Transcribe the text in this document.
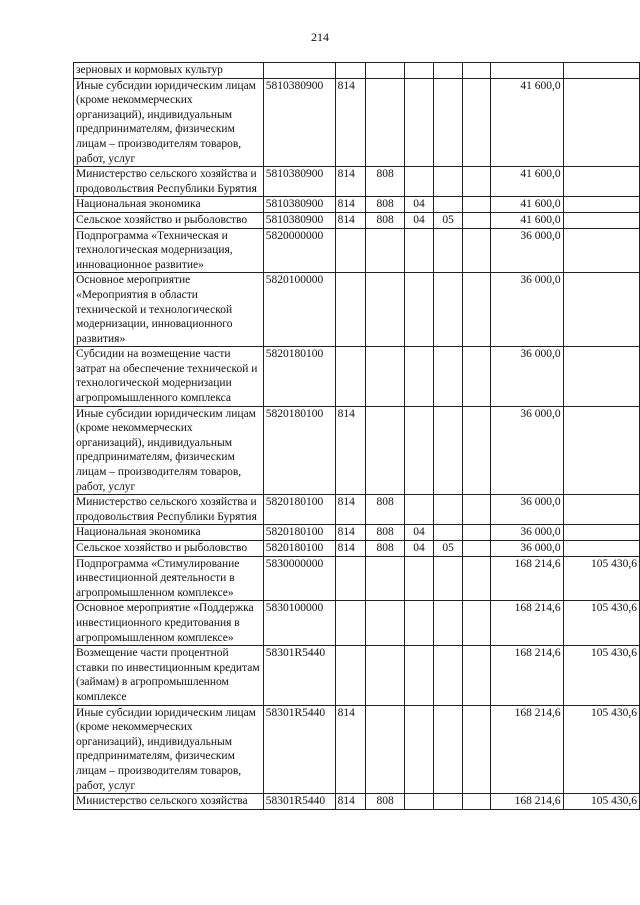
214
зерновых и кормовых культур								
Иные субсидии юридическим лицам (кроме некоммерческих организаций), индивидуальным предпринимателям, физическим лицам – производителям товаров, работ, услуг	5810380900	814					41 600,0	
Министерство сельского хозяйства и продовольствия Республики Бурятия	5810380900	814	808				41 600,0	
Национальная экономика	5810380900	814	808	04			41 600,0	
Сельское хозяйство и рыболовство	5810380900	814	808	04	05		41 600,0	
Подпрограмма «Техническая и технологическая модернизация, инновационное развитие»	5820000000						36 000,0	
Основное мероприятие «Мероприятия в области технической и технологической модернизации, инновационного развития»	5820100000						36 000,0	
Субсидии на возмещение части затрат на обеспечение технической и технологической модернизации агропромышленного комплекса	5820180100						36 000,0	
Иные субсидии юридическим лицам (кроме некоммерческих организаций), индивидуальным предпринимателям, физическим лицам – производителям товаров, работ, услуг	5820180100	814					36 000,0	
Министерство сельского хозяйства и продовольствия Республики Бурятия	5820180100	814	808				36 000,0	
Национальная экономика	5820180100	814	808	04			36 000,0	
Сельское хозяйство и рыболовство	5820180100	814	808	04	05		36 000,0	
Подпрограмма «Стимулирование инвестиционной деятельности в агропромышленном комплексе»	5830000000						168 214,6	105 430,6
Основное мероприятие «Поддержка инвестиционного кредитования в агропромышленном комплексе»	5830100000						168 214,6	105 430,6
Возмещение части процентной ставки по инвестиционным кредитам (займам) в агропромышленном комплексе	58301R5440						168 214,6	105 430,6
Иные субсидии юридическим лицам (кроме некоммерческих организаций), индивидуальным предпринимателям, физическим лицам – производителям товаров, работ, услуг	58301R5440	814					168 214,6	105 430,6
Министерство сельского хозяйства	58301R5440	814	808				168 214,6	105 430,6
